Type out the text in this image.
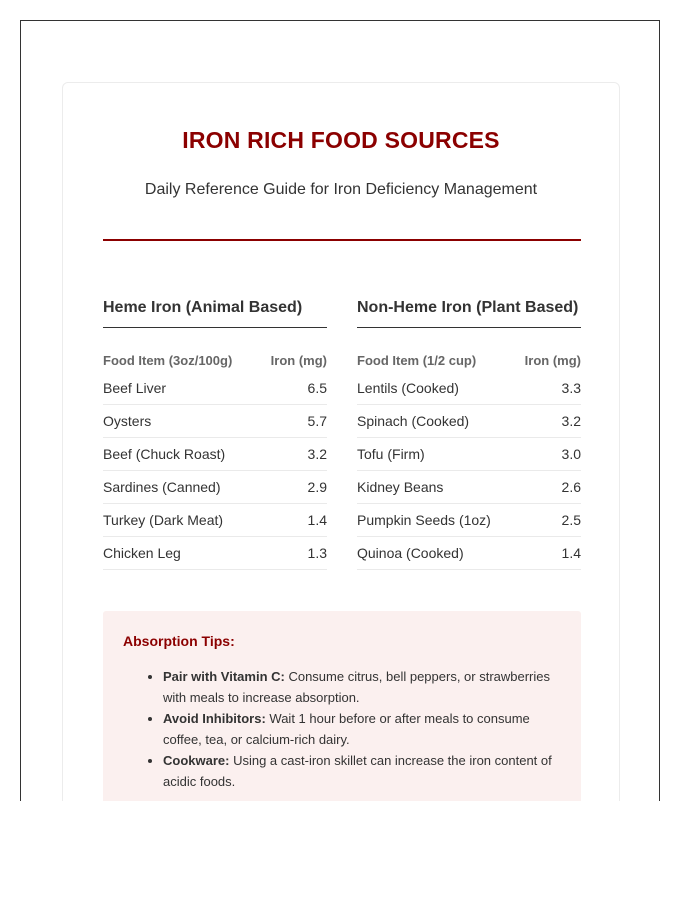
IRON RICH FOOD SOURCES
Daily Reference Guide for Iron Deficiency Management
Heme Iron (Animal Based)
Food Item (3oz/100g)	Iron (mg)
Beef Liver	6.5
Oysters	5.7
Beef (Chuck Roast)	3.2
Sardines (Canned)	2.9
Turkey (Dark Meat)	1.4
Chicken Leg	1.3
Non-Heme Iron (Plant Based)
Food Item (1/2 cup)	Iron (mg)
Lentils (Cooked)	3.3
Spinach (Cooked)	3.2
Tofu (Firm)	3.0
Kidney Beans	2.6
Pumpkin Seeds (1oz)	2.5
Quinoa (Cooked)	1.4
Absorption Tips:
• Pair with Vitamin C: Consume citrus, bell peppers, or strawberries with meals to increase absorption.
• Avoid Inhibitors: Wait 1 hour before or after meals to consume coffee, tea, or calcium-rich dairy.
• Cookware: Using a cast-iron skillet can increase the iron content of acidic foods.
